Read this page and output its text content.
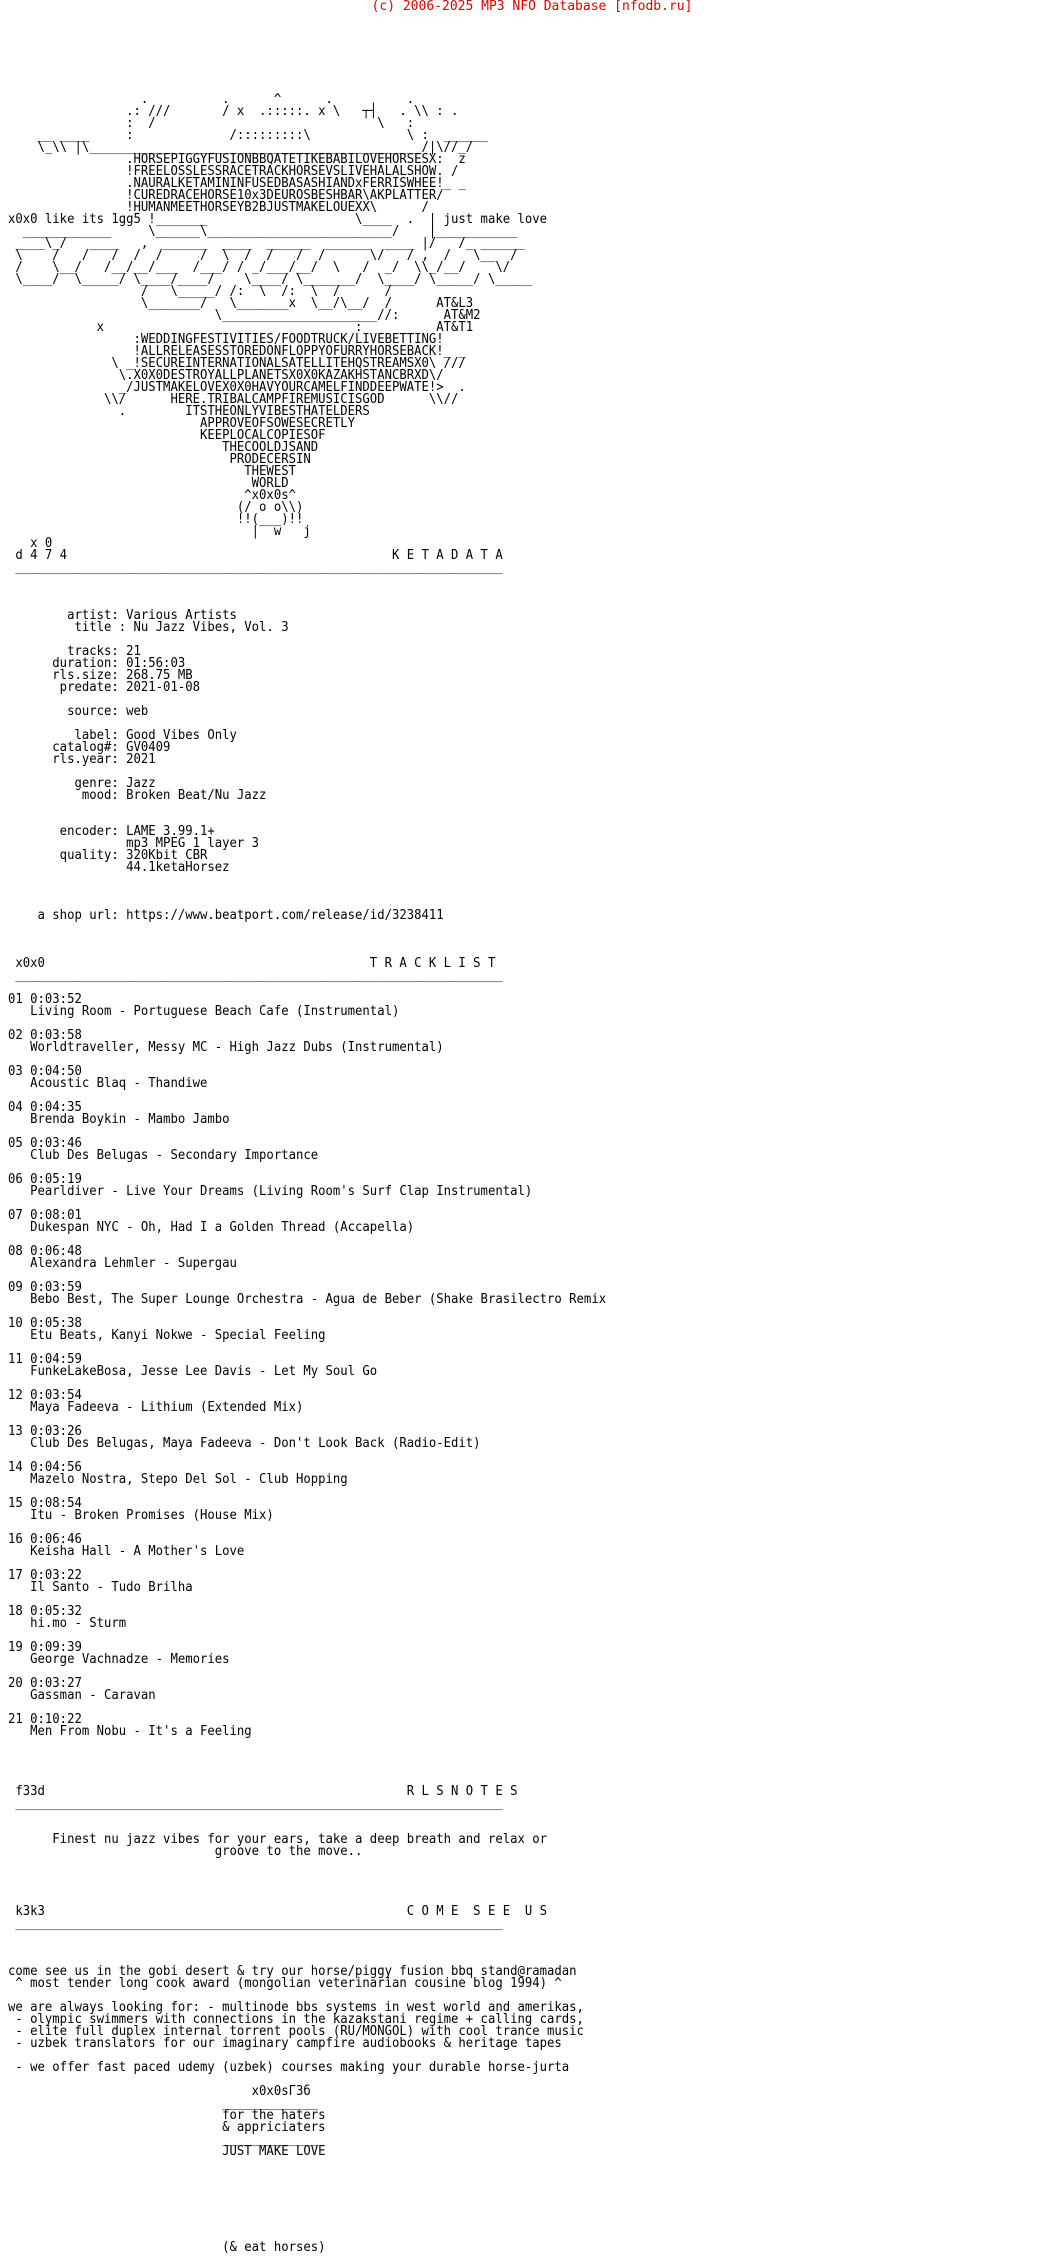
(c) 2006-2025 MP3 NFO Database [nfodb.ru]

.          .      ^      .          .
.: ///       / x  .:::::. x \   ┬┤   . \\ : .
:  /                              \   :
__ ____     :             /:::::::::\             \ :  ______
\_\\ |\_____________________________________________/|\//_/
.HORSEPIGGYFUSIONBBQATETIKEBABILOVEHORSESX:  z
!FREELOSSLESSRACETRACKHORSEVSLIVEHALALSHOW. /
.NAURALKETAMININFUSEDBASASHIANDxFERRISWHEE!_ _
!CUREDRACEHORSE10x3DEUROSBESHBAR\AKPLATTER/
!HUMANMEETHORSEYB2BJUSTMAKELOUEXX\      /
x0x0 like its 1gg5 !_______                    \____  .  | just make love
____________     \______\_________________________/    |___________
____\_/   ____   ,  ______  ____  ______  ______  ____ |/   /_ ______
\    /   /   /  /  /     /  \  /  /   /  /      \/   / ,  /   \__  /
/    \__/   /__/__/___  /___/ / _/___/__/  \   /  _/  \\_/__/    \/
\____/  \_____/ \____/____/    \____/ \_______/  \____/ \_____/ \_____
/   \_____/ /:  \  /:  \  /      /
\_______/   \_______x  \__/\__/  /      AT&L3
\_____________________//:      AT&M2
x                                  :          AT&T1
:WEDDINGFESTIVITIES/FOODTRUCK/LIVEBETTING!
!ALLRELEASESSTOREDONFLOPPYOFURRYHORSEBACK!_ _
\ _!SECUREINTERNATIONALSATELLITEHQSTREAMSX0\ ///
\.X0X0DESTROYALLPLANETSX0X0KAZAKHSTANCBRXD\/
_/JUSTMAKELOVEX0X0HAVYOURCAMELFINDDEEPWATE!>  .
\\/      HERE.TRIBALCAMPFIREMUSICISGOD      \\//
.        ITSTHEONLYVIBESTHATELDERS
APPROVEOFSOWESECRETLY
KEEPLOCALCOPIESOF
THECOOLDJSAND
PRODECERSIN
THEWEST
WORLD
^x0x0s^
(/ o o\\)
!!(___)!!
|  w   j
x 0
d 4 7 4                                            K E T A D A T A
__________________________________________________________________

artist: Various Artists
title : Nu Jazz Vibes, Vol. 3

tracks: 21
duration: 01:56:03
rls.size: 268.75 MB
predate: 2021-01-08

source: web

label: Good Vibes Only
catalog#: GV0409
rls.year: 2021

genre: Jazz
mood: Broken Beat/Nu Jazz

encoder: LAME 3.99.1+
mp3 MPEG 1 layer 3
quality: 320Kbit CBR
44.1ketaHorsez

a shop url: https://www.beatport.com/release/id/3238411

x0x0                                            T R A C K L I S T
__________________________________________________________________

01 0:03:52
Living Room - Portuguese Beach Cafe (Instrumental)

02 0:03:58
Worldtraveller, Messy MC - High Jazz Dubs (Instrumental)

03 0:04:50
Acoustic Blaq - Thandiwe

04 0:04:35
Brenda Boykin - Mambo Jambo

05 0:03:46
Club Des Belugas - Secondary Importance

06 0:05:19
Pearldiver - Live Your Dreams (Living Room's Surf Clap Instrumental)

07 0:08:01
Dukespan NYC - Oh, Had I a Golden Thread (Accapella)

08 0:06:48
Alexandra Lehmler - Supergau

09 0:03:59
Bebo Best, The Super Lounge Orchestra - Agua de Beber (Shake Brasilectro Remix

10 0:05:38
Etu Beats, Kanyi Nokwe - Special Feeling

11 0:04:59
FunkeLakeBosa, Jesse Lee Davis - Let My Soul Go

12 0:03:54
Maya Fadeeva - Lithium (Extended Mix)

13 0:03:26
Club Des Belugas, Maya Fadeeva - Don't Look Back (Radio-Edit)

14 0:04:56
Mazelo Nostra, Stepo Del Sol - Club Hopping

15 0:08:54
Itu - Broken Promises (House Mix)

16 0:06:46
Keisha Hall - A Mother's Love

17 0:03:22
Il Santo - Tudo Brilha

18 0:05:32
hi.mo - Sturm

19 0:09:39
George Vachnadze - Memories

20 0:03:27
Gassman - Caravan

21 0:10:22
Men From Nobu - It's a Feeling

f33d                                                 R L S N O T E S
__________________________________________________________________

Finest nu jazz vibes for your ears, take a deep breath and relax or
groove to the move..

k3k3                                                 C O M E  S E E  U S
__________________________________________________________________

come see us in the gobi desert & try our horse/piggy fusion bbq stand@ramadan
^ most tender long cook award (mongolian veterinarian cousine blog 1994) ^

we are always looking for: - multinode bbs systems in west world and amerikas,
- olympic swimmers with connections in the kazakstani regime + calling cards,
- elite full duplex internal torrent pools (RU/MONGOL) with cool trance music
- uzbek translators for our imaginary campfire audiobooks & heritage tapes

- we offer fast paced udemy (uzbek) courses making your durable horse-jurta

x0x0sГЗб
_____________
for the haters
& appriciaters
_____________
JUST MAKE LOVE

(& eat horses)
